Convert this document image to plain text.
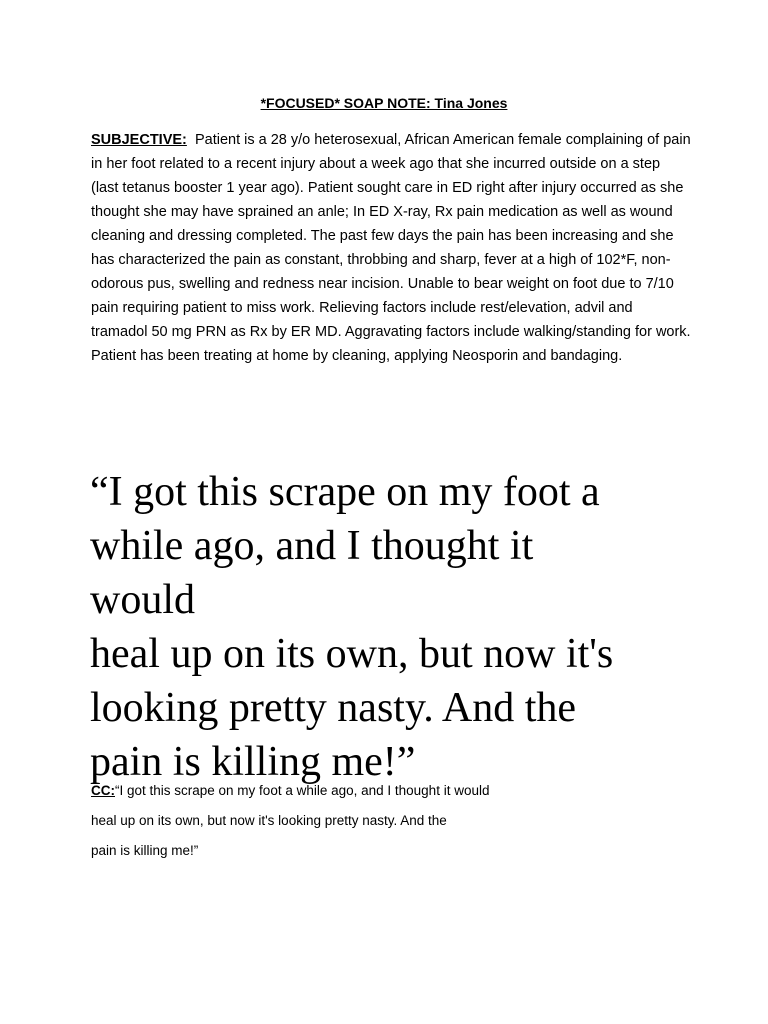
*FOCUSED* SOAP NOTE: Tina Jones

SUBJECTIVE: Patient is a 28 y/o heterosexual, African American female complaining of pain in her foot related to a recent injury about a week ago that she incurred outside on a step (last tetanus booster 1 year ago). Patient sought care in ED right after injury occurred as she thought she may have sprained an anle; In ED X-ray, Rx pain medication as well as wound cleaning and dressing completed. The past few days the pain has been increasing and she has characterized the pain as constant, throbbing and sharp, fever at a high of 102*F, non-odorous pus, swelling and redness near incision. Unable to bear weight on foot due to 7/10 pain requiring patient to miss work. Relieving factors include rest/elevation, advil and tramadol 50 mg PRN as Rx by ER MD. Aggravating factors include walking/standing for work. Patient has been treating at home by cleaning, applying Neosporin and bandaging.

“I got this scrape on my foot a
while ago, and I thought it
would
heal up on its own, but now it's
looking pretty nasty. And the
pain is killing me!”
CC:“I got this scrape on my foot a while ago, and I thought it would
heal up on its own, but now it's looking pretty nasty. And the
pain is killing me!”
